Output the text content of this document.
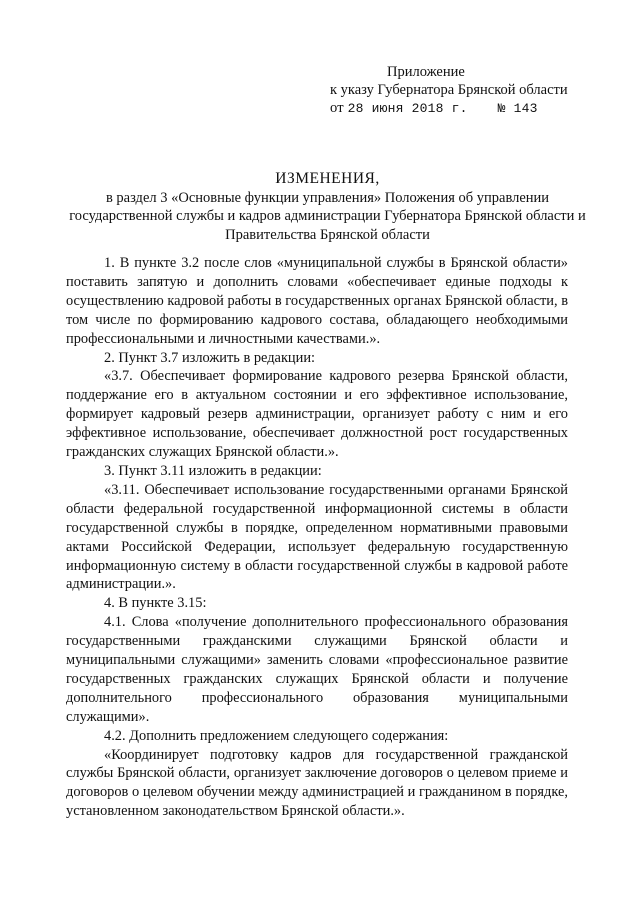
Приложение
к указу Губернатора Брянской области
от 28 июня 2018 г. № 143
ИЗМЕНЕНИЯ,
в раздел 3 «Основные функции управления» Положения об управлении государственной службы и кадров администрации Губернатора Брянской области и Правительства Брянской области

1. В пункте 3.2 после слов «муниципальной службы в Брянской области» поставить запятую и дополнить словами «обеспечивает единые подходы к осуществлению кадровой работы в государственных органах Брянской области, в том числе по формированию кадрового состава, обладающего необходимыми профессиональными и личностными качествами.».

2. Пункт 3.7 изложить в редакции:

«3.7. Обеспечивает формирование кадрового резерва Брянской области, поддержание его в актуальном состоянии и его эффективное использование, формирует кадровый резерв администрации, организует работу с ним и его эффективное использование, обеспечивает должностной рост государственных гражданских служащих Брянской области.».

3. Пункт 3.11 изложить в редакции:

«3.11. Обеспечивает использование государственными органами Брянской области федеральной государственной информационной системы в области государственной службы в порядке, определенном нормативными правовыми актами Российской Федерации, использует федеральную государственную информационную систему в области государственной службы в кадровой работе администрации.».

4. В пункте 3.15:

4.1. Слова «получение дополнительного профессионального образования государственными гражданскими служащими Брянской области и муниципальными служащими» заменить словами «профессиональное развитие государственных гражданских служащих Брянской области и получение дополнительного профессионального образования муниципальными служащими».

4.2. Дополнить предложением следующего содержания:

«Координирует подготовку кадров для государственной гражданской службы Брянской области, организует заключение договоров о целевом приеме и договоров о целевом обучении между администрацией и гражданином в порядке, установленном законодательством Брянской области.».
